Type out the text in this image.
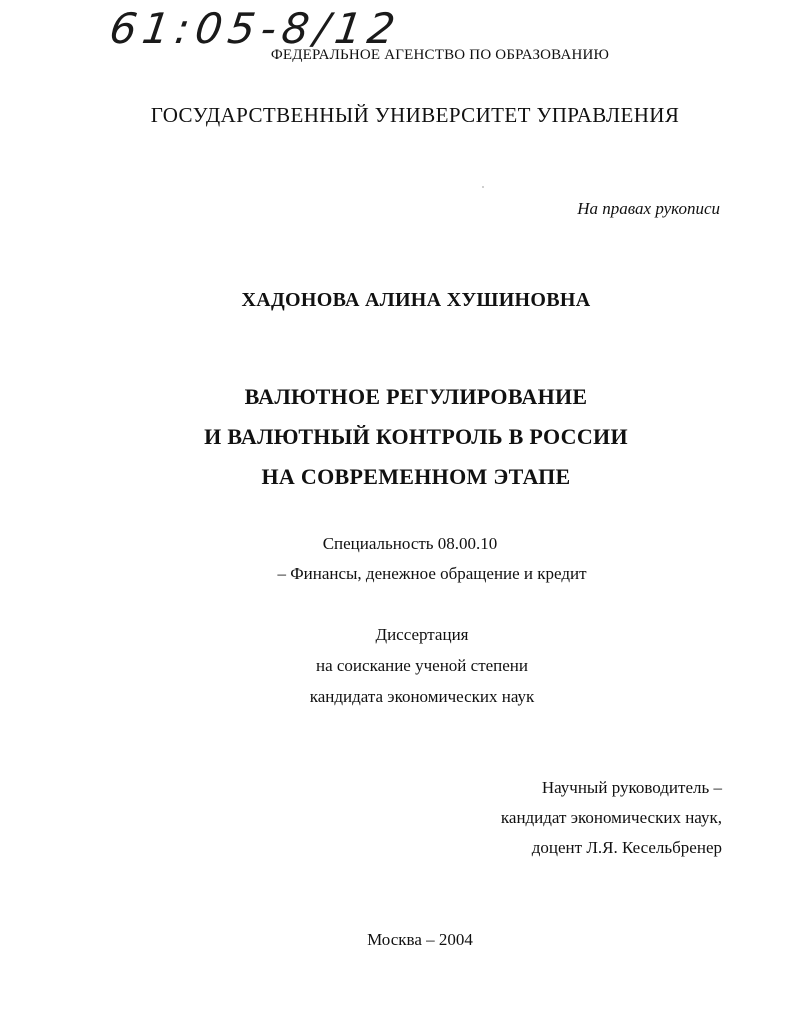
61:05-8/12
ФЕДЕРАЛЬНОЕ АГЕНСТВО ПО ОБРАЗОВАНИЮ
ГОСУДАРСТВЕННЫЙ УНИВЕРСИТЕТ УПРАВЛЕНИЯ
На правах рукописи
ХАДОНОВА АЛИНА ХУШИНОВНА
ВАЛЮТНОЕ РЕГУЛИРОВАНИЕ
И ВАЛЮТНЫЙ КОНТРОЛЬ В РОССИИ
НА СОВРЕМЕННОМ ЭТАПЕ
Специальность 08.00.10
– Финансы, денежное обращение и кредит
Диссертация
на соискание ученой степени
кандидата экономических наук
Научный руководитель –
кандидат экономических наук,
доцент Л.Я. Кесельбренер
Москва – 2004
